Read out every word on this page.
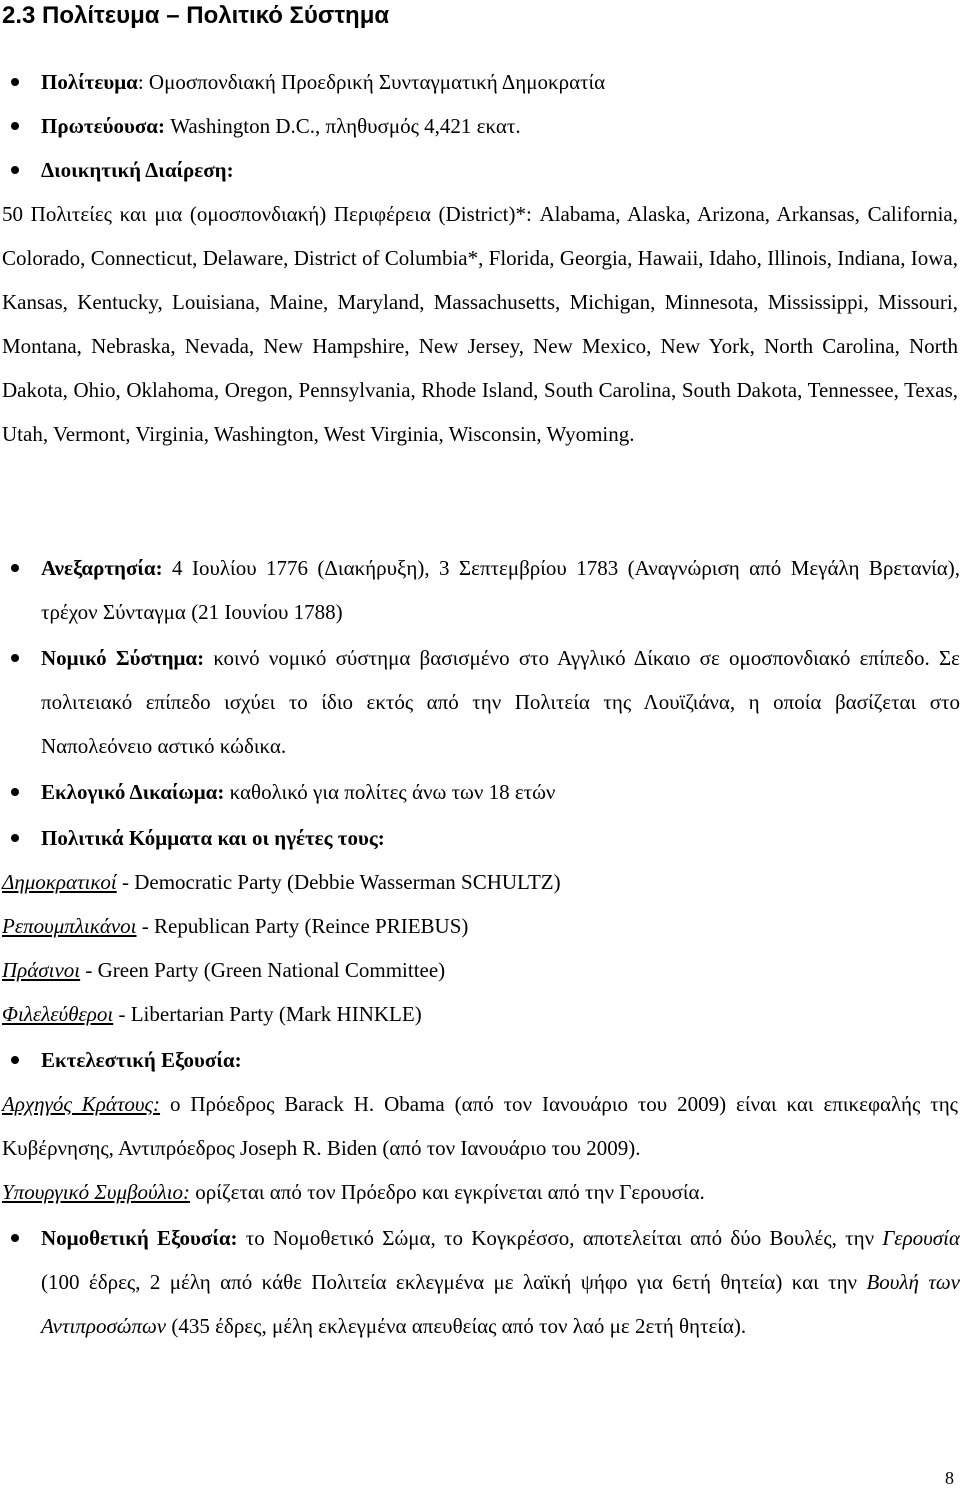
2.3 Πολίτευμα – Πολιτικό Σύστημα
Πολίτευμα: Ομοσπονδιακή Προεδρική Συνταγματική Δημοκρατία
Πρωτεύουσα: Washington D.C., πληθυσμός 4,421 εκατ.
Διοικητική Διαίρεση:
50 Πολιτείες και μια (ομοσπονδιακή) Περιφέρεια (District)*: Alabama, Alaska, Arizona, Arkansas, California, Colorado, Connecticut, Delaware, District of Columbia*, Florida, Georgia, Hawaii, Idaho, Illinois, Indiana, Iowa, Kansas, Kentucky, Louisiana, Maine, Maryland, Massachusetts, Michigan, Minnesota, Mississippi, Missouri, Montana, Nebraska, Nevada, New Hampshire, New Jersey, New Mexico, New York, North Carolina, North Dakota, Ohio, Oklahoma, Oregon, Pennsylvania, Rhode Island, South Carolina, South Dakota, Tennessee, Texas, Utah, Vermont, Virginia, Washington, West Virginia, Wisconsin, Wyoming.
Ανεξαρτησία: 4 Ιουλίου 1776 (Διακήρυξη), 3 Σεπτεμβρίου 1783 (Αναγνώριση από Μεγάλη Βρετανία), τρέχον Σύνταγμα (21 Ιουνίου 1788)
Νομικό Σύστημα: κοινό νομικό σύστημα βασισμένο στο Αγγλικό Δίκαιο σε ομοσπονδιακό επίπεδο. Σε πολιτειακό επίπεδο ισχύει το ίδιο εκτός από την Πολιτεία της Λουϊζιάνα, η οποία βασίζεται στο Ναπολεόνειο αστικό κώδικα.
Εκλογικό Δικαίωμα: καθολικό για πολίτες άνω των 18 ετών
Πολιτικά Κόμματα και οι ηγέτες τους:
Δημοκρατικοί - Democratic Party (Debbie Wasserman SCHULTZ)
Ρεπουμπλικάνοι - Republican Party (Reince PRIEBUS)
Πράσινοι - Green Party (Green National Committee)
Φιλελεύθεροι - Libertarian Party (Mark HINKLE)
Εκτελεστική Εξουσία:
Αρχηγός Κράτους: ο Πρόεδρος Barack H. Obama (από τον Ιανουάριο του 2009) είναι και επικεφαλής της Κυβέρνησης, Αντιπρόεδρος Joseph R. Biden (από τον Ιανουάριο του 2009).
Υπουργικό Συμβούλιο: ορίζεται από τον Πρόεδρο και εγκρίνεται από την Γερουσία.
Νομοθετική Εξουσία: το Νομοθετικό Σώμα, το Κογκρέσσο, αποτελείται από δύο Βουλές, την Γερουσία (100 έδρες, 2 μέλη από κάθε Πολιτεία εκλεγμένα με λαϊκή ψήφο για 6ετή θητεία) και την Βουλή των Αντιπροσώπων (435 έδρες, μέλη εκλεγμένα απευθείας από τον λαό με 2ετή θητεία).
8
